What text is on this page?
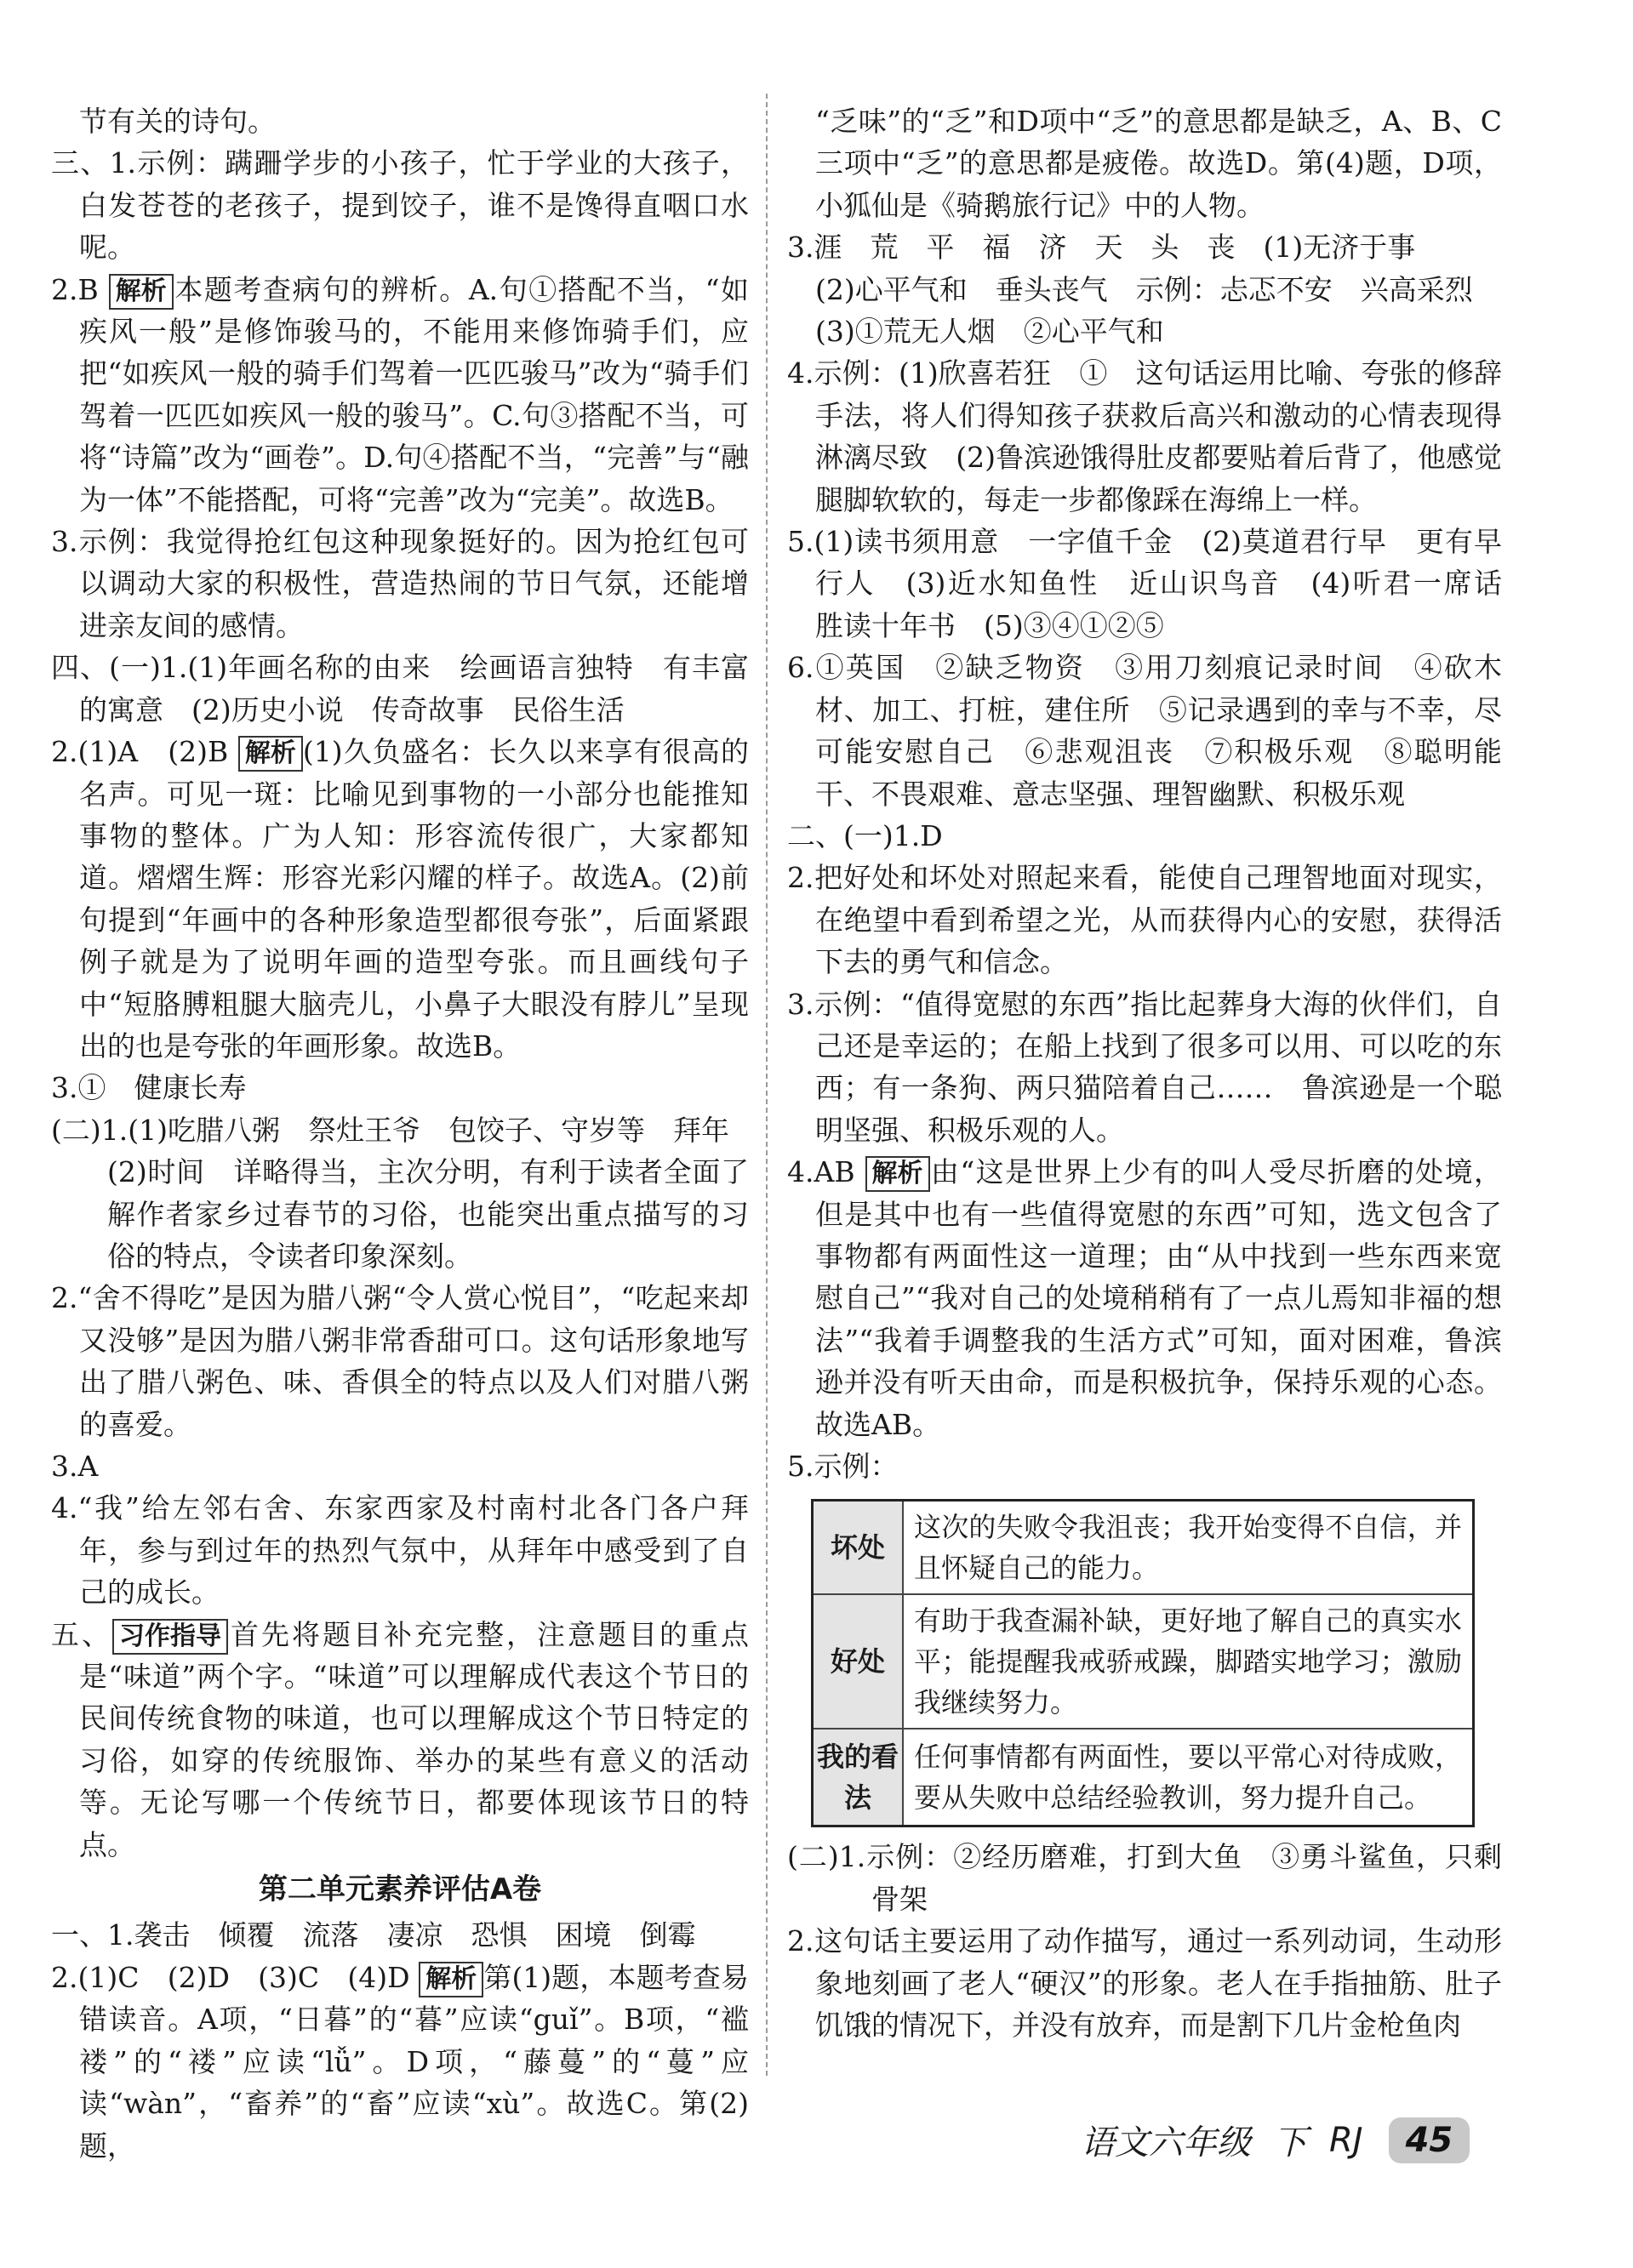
节有关的诗句。

三、1.示例：蹒跚学步的小孩子，忙于学业的大孩子，白发苍苍的老孩子，提到饺子，谁不是馋得直咽口水呢。

2.B 解析 本题考查病句的辨析。A.句①搭配不当，“如疾风一般”是修饰骏马的，不能用来修饰骑手们，应把“如疾风一般的骑手们驾着一匹匹骏马”改为“骑手们驾着一匹匹如疾风一般的骏马”。C.句③搭配不当，可将“诗篇”改为“画卷”。D.句④搭配不当，“完善”与“融为一体”不能搭配，可将“完善”改为“完美”。故选B。

3.示例：我觉得抢红包这种现象挺好的。因为抢红包可以调动大家的积极性，营造热闹的节日气氛，还能增进亲友间的感情。

四、(一)1.(1)年画名称的由来　绘画语言独特　有丰富的寓意　(2)历史小说　传奇故事　民俗生活

2.(1)A　(2)B 解析 (1)久负盛名：长久以来享有很高的名声。可见一斑：比喻见到事物的一小部分也能推知事物的整体。广为人知：形容流传很广，大家都知道。熠熠生辉：形容光彩闪耀的样子。故选A。(2)前句提到“年画中的各种形象造型都很夸张”，后面紧跟例子就是为了说明年画的造型夸张。而且画线句子中“短胳膊粗腿大脑壳儿，小鼻子大眼没有脖儿”呈现出的也是夸张的年画形象。故选B。

3.①　健康长寿

(二)1.(1)吃腊八粥　祭灶王爷　包饺子、守岁等　拜年

(2)时间　详略得当，主次分明，有利于读者全面了解作者家乡过春节的习俗，也能突出重点描写的习俗的特点，令读者印象深刻。

2.“舍不得吃”是因为腊八粥“令人赏心悦目”，“吃起来却又没够”是因为腊八粥非常香甜可口。这句话形象地写出了腊八粥色、味、香俱全的特点以及人们对腊八粥的喜爱。

3.A

4.“我”给左邻右舍、东家西家及村南村北各门各户拜年，参与到过年的热烈气氛中，从拜年中感受到了自己的成长。

五、 习作指导 首先将题目补充完整，注意题目的重点是“味道”两个字。“味道”可以理解成代表这个节日的民间传统食物的味道，也可以理解成这个节日特定的习俗，如穿的传统服饰、举办的某些有意义的活动等。无论写哪一个传统节日，都要体现该节日的特点。

第二单元素养评估A卷

一、1.袭击　倾覆　流落　凄凉　恐惧　困境　倒霉

2.(1)C　(2)D　(3)C　(4)D 解析 第(1)题，本题考查易错读音。A项，“日暮”的“暮”应读“guǐ”。B项，“褴褛”的“褛”应读“lǚ”。D项，“藤蔓”的“蔓”应读“wàn”，“畜养”的“畜”应读“xù”。故选C。第(2)题，

“乏味”的“乏”和D项中“乏”的意思都是缺乏，A、B、C三项中“乏”的意思都是疲倦。故选D。第(4)题，D项，小狐仙是《骑鹅旅行记》中的人物。

3.涯　荒　平　福　济　天　头　丧　(1)无济于事

(2)心平气和　垂头丧气　示例：忐忑不安　兴高采烈

(3)①荒无人烟　②心平气和

4.示例：(1)欣喜若狂　①　这句话运用比喻、夸张的修辞手法，将人们得知孩子获救后高兴和激动的心情表现得淋漓尽致　(2)鲁滨逊饿得肚皮都要贴着后背了，他感觉腿脚软软的，每走一步都像踩在海绵上一样。

5.(1)读书须用意　一字值千金　(2)莫道君行早　更有早行人　(3)近水知鱼性　近山识鸟音　(4)听君一席话　胜读十年书　(5)③④①②⑤

6.①英国　②缺乏物资　③用刀刻痕记录时间　④砍木材、加工、打桩，建住所　⑤记录遇到的幸与不幸，尽可能安慰自己　⑥悲观沮丧　⑦积极乐观　⑧聪明能干、不畏艰难、意志坚强、理智幽默、积极乐观

二、(一)1.D

2.把好处和坏处对照起来看，能使自己理智地面对现实，在绝望中看到希望之光，从而获得内心的安慰，获得活下去的勇气和信念。

3.示例：“值得宽慰的东西”指比起葬身大海的伙伴们，自己还是幸运的；在船上找到了很多可以用、可以吃的东西；有一条狗、两只猫陪着自己……　鲁滨逊是一个聪明坚强、积极乐观的人。

4.AB 解析 由“这是世界上少有的叫人受尽折磨的处境，但是其中也有一些值得宽慰的东西”可知，选文包含了事物都有两面性这一道理；由“从中找到一些东西来宽慰自己”“我对自己的处境稍稍有了一点儿焉知非福的想法”“我着手调整我的生活方式”可知，面对困难，鲁滨逊并没有听天由命，而是积极抗争，保持乐观的心态。故选AB。

5.示例：

坏处	这次的失败令我沮丧；我开始变得不自信，并且怀疑自己的能力。
好处	有助于我查漏补缺，更好地了解自己的真实水平；能提醒我戒骄戒躁，脚踏实地学习；激励我继续努力。
我的看法	任何事情都有两面性，要以平常心对待成败，要从失败中总结经验教训，努力提升自己。

(二)1.示例：②经历磨难，打到大鱼　③勇斗鲨鱼，只剩骨架

2.这句话主要运用了动作描写，通过一系列动词，生动形象地刻画了老人“硬汉”的形象。老人在手指抽筋、肚子饥饿的情况下，并没有放弃，而是割下几片金枪鱼肉

语文六年级 下 RJ	45
